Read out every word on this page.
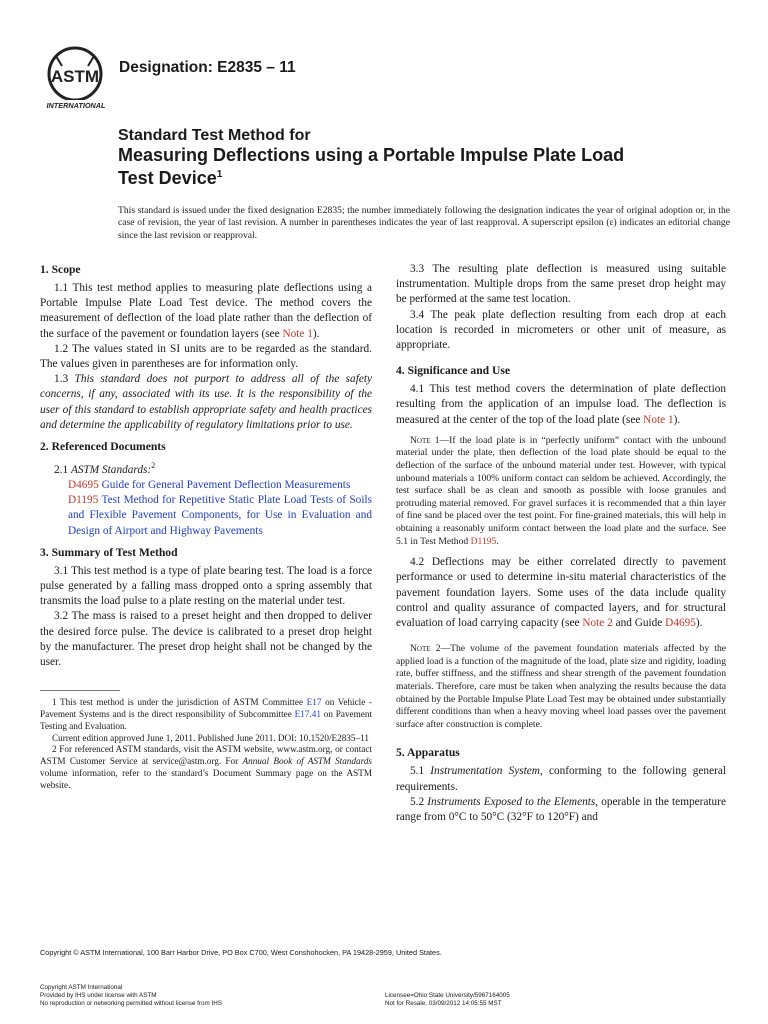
ASTM
INTERNATIONAL
Designation: E2835 – 11
Standard Test Method for
Measuring Deflections using a Portable Impulse Plate Load Test Device$^1$
This standard is issued under the fixed designation E2835; the number immediately following the designation indicates the year of original adoption or, in the case of revision, the year of last revision. A number in parentheses indicates the year of last reapproval. A superscript epsilon (ε) indicates an editorial change since the last revision or reapproval.
1. Scope

1.1 This test method applies to measuring plate deflections using a Portable Impulse Plate Load Test device. The method covers the measurement of deflection of the load plate rather than the deflection of the surface of the pavement or foundation layers (see Note 1).

1.2 The values stated in SI units are to be regarded as the standard. The values given in parentheses are for information only.

1.3 This standard does not purport to address all of the safety concerns, if any, associated with its use. It is the responsibility of the user of this standard to establish appropriate safety and health practices and determine the applicability of regulatory limitations prior to use.

2. Referenced Documents

2.1 ASTM Standards:$^2$

D4695 Guide for General Pavement Deflection Measurements

D1195 Test Method for Repetitive Static Plate Load Tests of Soils and Flexible Pavement Components, for Use in Evaluation and Design of Airport and Highway Pavements

3. Summary of Test Method

3.1 This test method is a type of plate bearing test. The load is a force pulse generated by a falling mass dropped onto a spring assembly that transmits the load pulse to a plate resting on the material under test.

3.2 The mass is raised to a preset height and then dropped to deliver the desired force pulse. The device is calibrated to a preset drop height by the manufacturer. The preset drop height shall not be changed by the user.

1 This test method is under the jurisdiction of ASTM Committee E17 on Vehicle - Pavement Systems and is the direct responsibility of Subcommittee E17.41 on Pavement Testing and Evaluation.

Current edition approved June 1, 2011. Published June 2011. DOI: 10.1520/E2835–11

2 For referenced ASTM standards, visit the ASTM website, www.astm.org, or contact ASTM Customer Service at service@astm.org. For Annual Book of ASTM Standards volume information, refer to the standard’s Document Summary page on the ASTM website.

3.3 The resulting plate deflection is measured using suitable instrumentation. Multiple drops from the same preset drop height may be performed at the same test location.

3.4 The peak plate deflection resulting from each drop at each location is recorded in micrometers or other unit of measure, as appropriate.

4. Significance and Use

4.1 This test method covers the determination of plate deflection resulting from the application of an impulse load. The deflection is measured at the center of the top of the load plate (see Note 1).

Note 1—If the load plate is in “perfectly uniform” contact with the unbound material under the plate, then deflection of the load plate should be equal to the deflection of the surface of the unbound material under test. However, with typical unbound materials a 100% uniform contact can seldom be achieved. Accordingly, the test surface shall be as clean and smooth as possible with loose granules and protruding material removed. For gravel surfaces it is recommended that a thin layer of fine sand be placed over the test point. For fine-grained materials, this will help in obtaining a reasonably uniform contact between the load plate and the surface. See 5.1 in Test Method D1195.

4.2 Deflections may be either correlated directly to pavement performance or used to determine in-situ material characteristics of the pavement foundation layers. Some uses of the data include quality control and quality assurance of compacted layers, and for structural evaluation of load carrying capacity (see Note 2 and Guide D4695).

Note 2—The volume of the pavement foundation materials affected by the applied load is a function of the magnitude of the load, plate size and rigidity, loading rate, buffer stiffness, and the stiffness and shear strength of the pavement foundation materials. Therefore, care must be taken when analyzing the results because the data obtained by the Portable Impulse Plate Load Test may be obtained under substantially different conditions than when a heavy moving wheel load passes over the pavement surface after construction is complete.

5. Apparatus

5.1 Instrumentation System, conforming to the following general requirements.

5.2 Instruments Exposed to the Elements, operable in the temperature range from 0°C to 50°C (32°F to 120°F) and

Copyright © ASTM International, 100 Barr Harbor Drive, PO Box C700, West Conshohocken, PA 19428-2959, United States.
Copyright ASTM International
Provided by IHS under license with ASTM
No reproduction or networking permitted without license from IHS
Licensee=Ohio State University/5967164005
Not for Resale, 03/09/2012 14:05:55 MST
